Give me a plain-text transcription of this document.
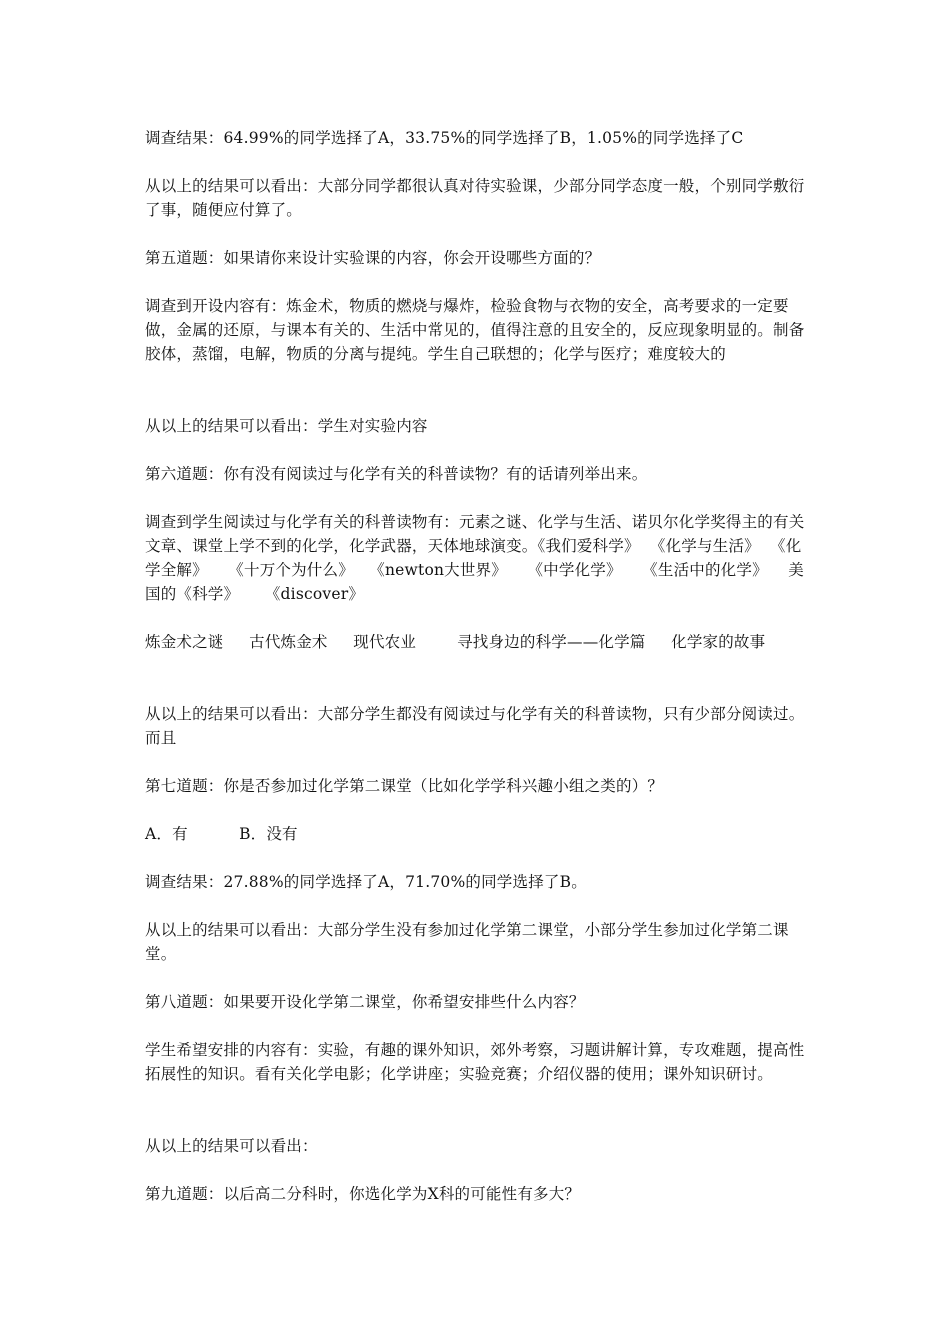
调查结果：64.99%的同学选择了A，33.75%的同学选择了B，1.05%的同学选择了C
从以上的结果可以看出：大部分同学都很认真对待实验课，少部分同学态度一般，个别同学敷衍了事，随便应付算了。
第五道题：如果请你来设计实验课的内容，你会开设哪些方面的？
调查到开设内容有：炼金术，物质的燃烧与爆炸，检验食物与衣物的安全，高考要求的一定要做，金属的还原，与课本有关的、生活中常见的，值得注意的且安全的，反应现象明显的。制备胶体，蒸馏，电解，物质的分离与提纯。学生自己联想的；化学与医疗；难度较大的
从以上的结果可以看出：学生对实验内容
第六道题：你有没有阅读过与化学有关的科普读物？有的话请列举出来。
调查到学生阅读过与化学有关的科普读物有：元素之谜、化学与生活、诺贝尔化学奖得主的有关文章、课堂上学不到的化学，化学武器，天体地球演变。《我们爱科学》  《化学与生活》  《化学全解》    《十万个为什么》   《newton大世界》    《中学化学》    《生活中的化学》    美国的《科学》     《discover》
炼金术之谜     古代炼金术     现代农业        寻找身边的科学——化学篇     化学家的故事
从以上的结果可以看出：大部分学生都没有阅读过与化学有关的科普读物，只有少部分阅读过。而且
第七道题：你是否参加过化学第二课堂（比如化学学科兴趣小组之类的）？
A．有          B．没有
调查结果：27.88%的同学选择了A，71.70%的同学选择了B。
从以上的结果可以看出：大部分学生没有参加过化学第二课堂，小部分学生参加过化学第二课堂。
第八道题：如果要开设化学第二课堂，你希望安排些什么内容？
学生希望安排的内容有：实验，有趣的课外知识，郊外考察，习题讲解计算，专攻难题，提高性拓展性的知识。看有关化学电影；化学讲座；实验竞赛；介绍仪器的使用；课外知识研讨。
从以上的结果可以看出：
第九道题：以后高二分科时，你选化学为X科的可能性有多大？
